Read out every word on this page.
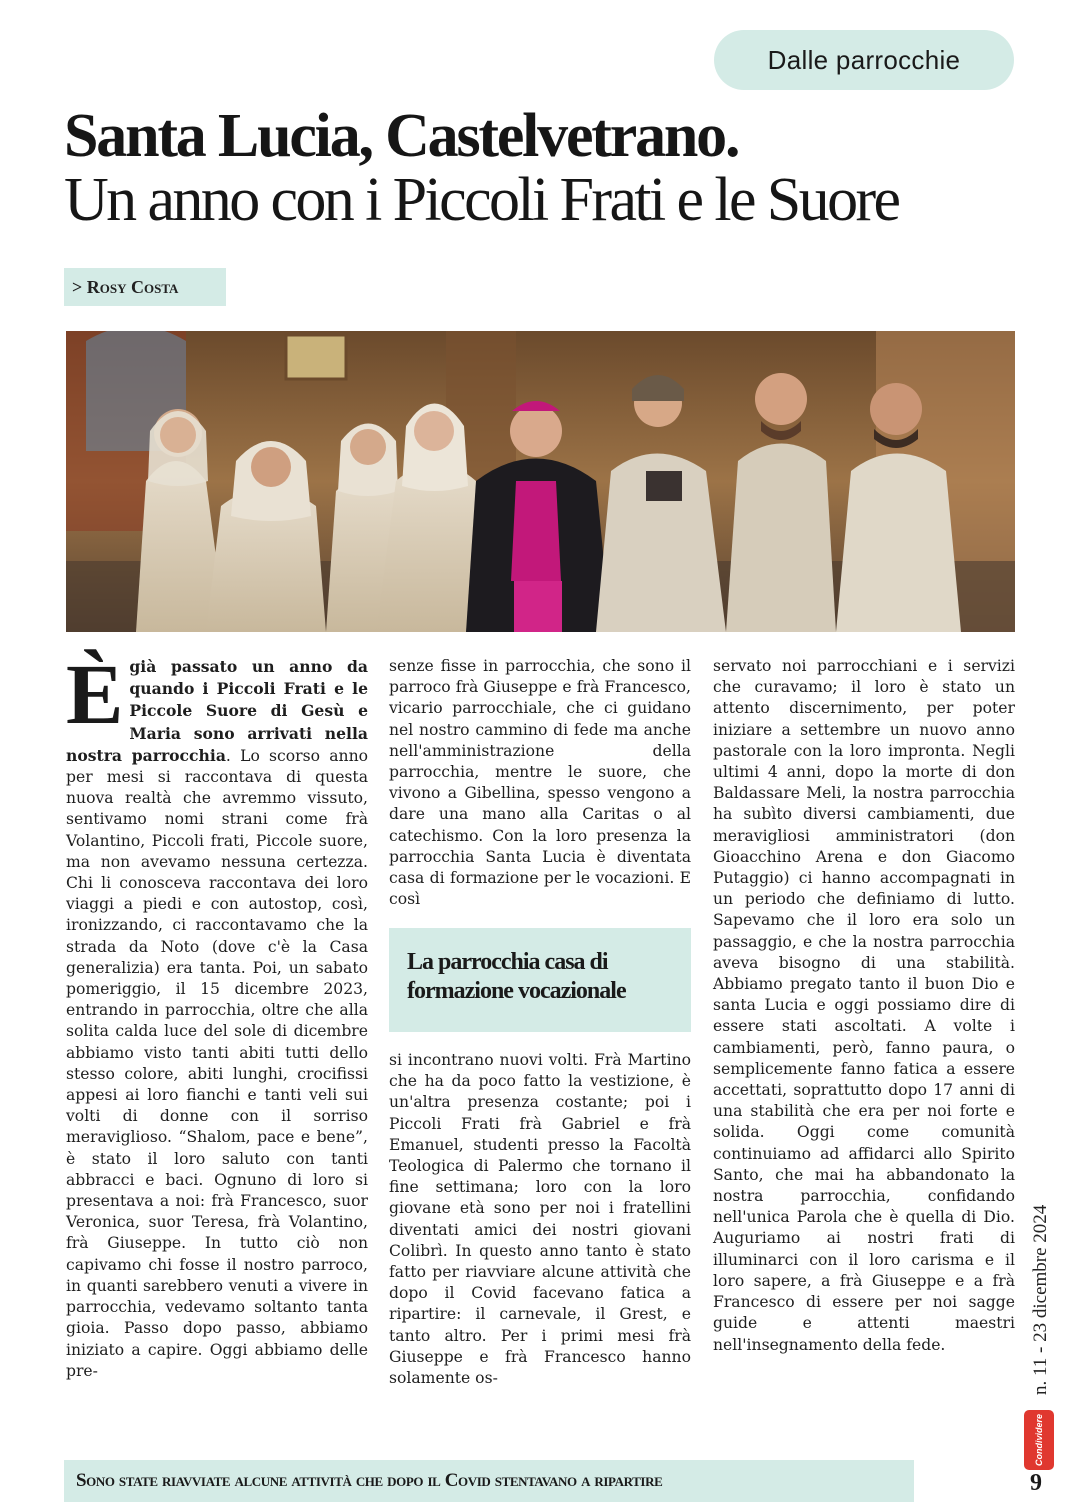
Dalle parrocchie
Santa Lucia, Castelvetrano.
Un anno con i Piccoli Frati e le Suore
> Rosy Costa

È già passato un anno da quando i Piccoli Frati e le Piccole Suore di Gesù e Maria sono arrivati nella nostra parrocchia. Lo scorso anno per mesi si raccontava di questa nuova realtà che avremmo vissuto, sentivamo nomi strani come frà Volantino, Piccoli frati, Piccole suore, ma non avevamo nessuna certezza. Chi li conosceva raccontava dei loro viaggi a piedi e con autostop, così, ironizzando, ci raccontavamo che la strada da Noto (dove c'è la Casa generalizia) era tanta. Poi, un sabato pomeriggio, il 15 dicembre 2023, entrando in parrocchia, oltre che alla solita calda luce del sole di dicembre abbiamo visto tanti abiti tutti dello stesso colore, abiti lunghi, crocifissi appesi ai loro fianchi e tanti veli sui volti di donne con il sorriso meraviglioso. “Shalom, pace e bene”, è stato il loro saluto con tanti abbracci e baci. Ognuno di loro si presentava a noi: frà Francesco, suor Veronica, suor Teresa, frà Volantino, frà Giuseppe. In tutto ciò non capivamo chi fosse il nostro parroco, in quanti sarebbero venuti a vivere in parrocchia, vedevamo soltanto tanta gioia. Passo dopo passo, abbiamo iniziato a capire. Oggi abbiamo delle pre-

senze fisse in parrocchia, che sono il parroco frà Giuseppe e frà Francesco, vicario parrocchiale, che ci guidano nel nostro cammino di fede ma anche nell'amministrazione della parrocchia, mentre le suore, che vivono a Gibellina, spesso vengono a dare una mano alla Caritas o al catechismo. Con la loro presenza la parrocchia Santa Lucia è diventata casa di formazione per le vocazioni. E così

La parrocchia casa di formazione vocazionale

si incontrano nuovi volti. Frà Martino che ha da poco fatto la vestizione, è un'altra presenza costante; poi i Piccoli Frati frà Gabriel e frà Emanuel, studenti presso la Facoltà Teologica di Palermo che tornano il fine settimana; loro con la loro giovane età sono per noi i fratellini diventati amici dei nostri giovani Colibrì. In questo anno tanto è stato fatto per riavviare alcune attività che dopo il Covid facevano fatica a ripartire: il carnevale, il Grest, e tanto altro. Per i primi mesi frà Giuseppe e frà Francesco hanno solamente os-

servato noi parrocchiani e i servizi che curavamo; il loro è stato un attento discernimento, per poter iniziare a settembre un nuovo anno pastorale con la loro impronta. Negli ultimi 4 anni, dopo la morte di don Baldassare Meli, la nostra parrocchia ha subìto diversi cambiamenti, due meravigliosi amministratori (don Gioacchino Arena e don Giacomo Putaggio) ci hanno accompagnati in un periodo che definiamo di lutto. Sapevamo che il loro era solo un passaggio, e che la nostra parrocchia aveva bisogno di una stabilità. Abbiamo pregato tanto il buon Dio e santa Lucia e oggi possiamo dire di essere stati ascoltati. A volte i cambiamenti, però, fanno paura, o semplicemente fanno fatica a essere accettati, soprattutto dopo 17 anni di una stabilità che era per noi forte e solida. Oggi come comunità continuiamo ad affidarci allo Spirito Santo, che mai ha abbandonato la nostra parrocchia, confidando nell'unica Parola che è quella di Dio. Auguriamo ai nostri frati di illuminarci con il loro carisma e il loro sapere, a frà Giuseppe e a frà Francesco di essere per noi sagge guide e attenti maestri nell'insegnamento della fede.	n. 11 - 23 dicembre 2024
Condividere
Sono state riavviate alcune attività che dopo il Covid stentavano a ripartire	9
